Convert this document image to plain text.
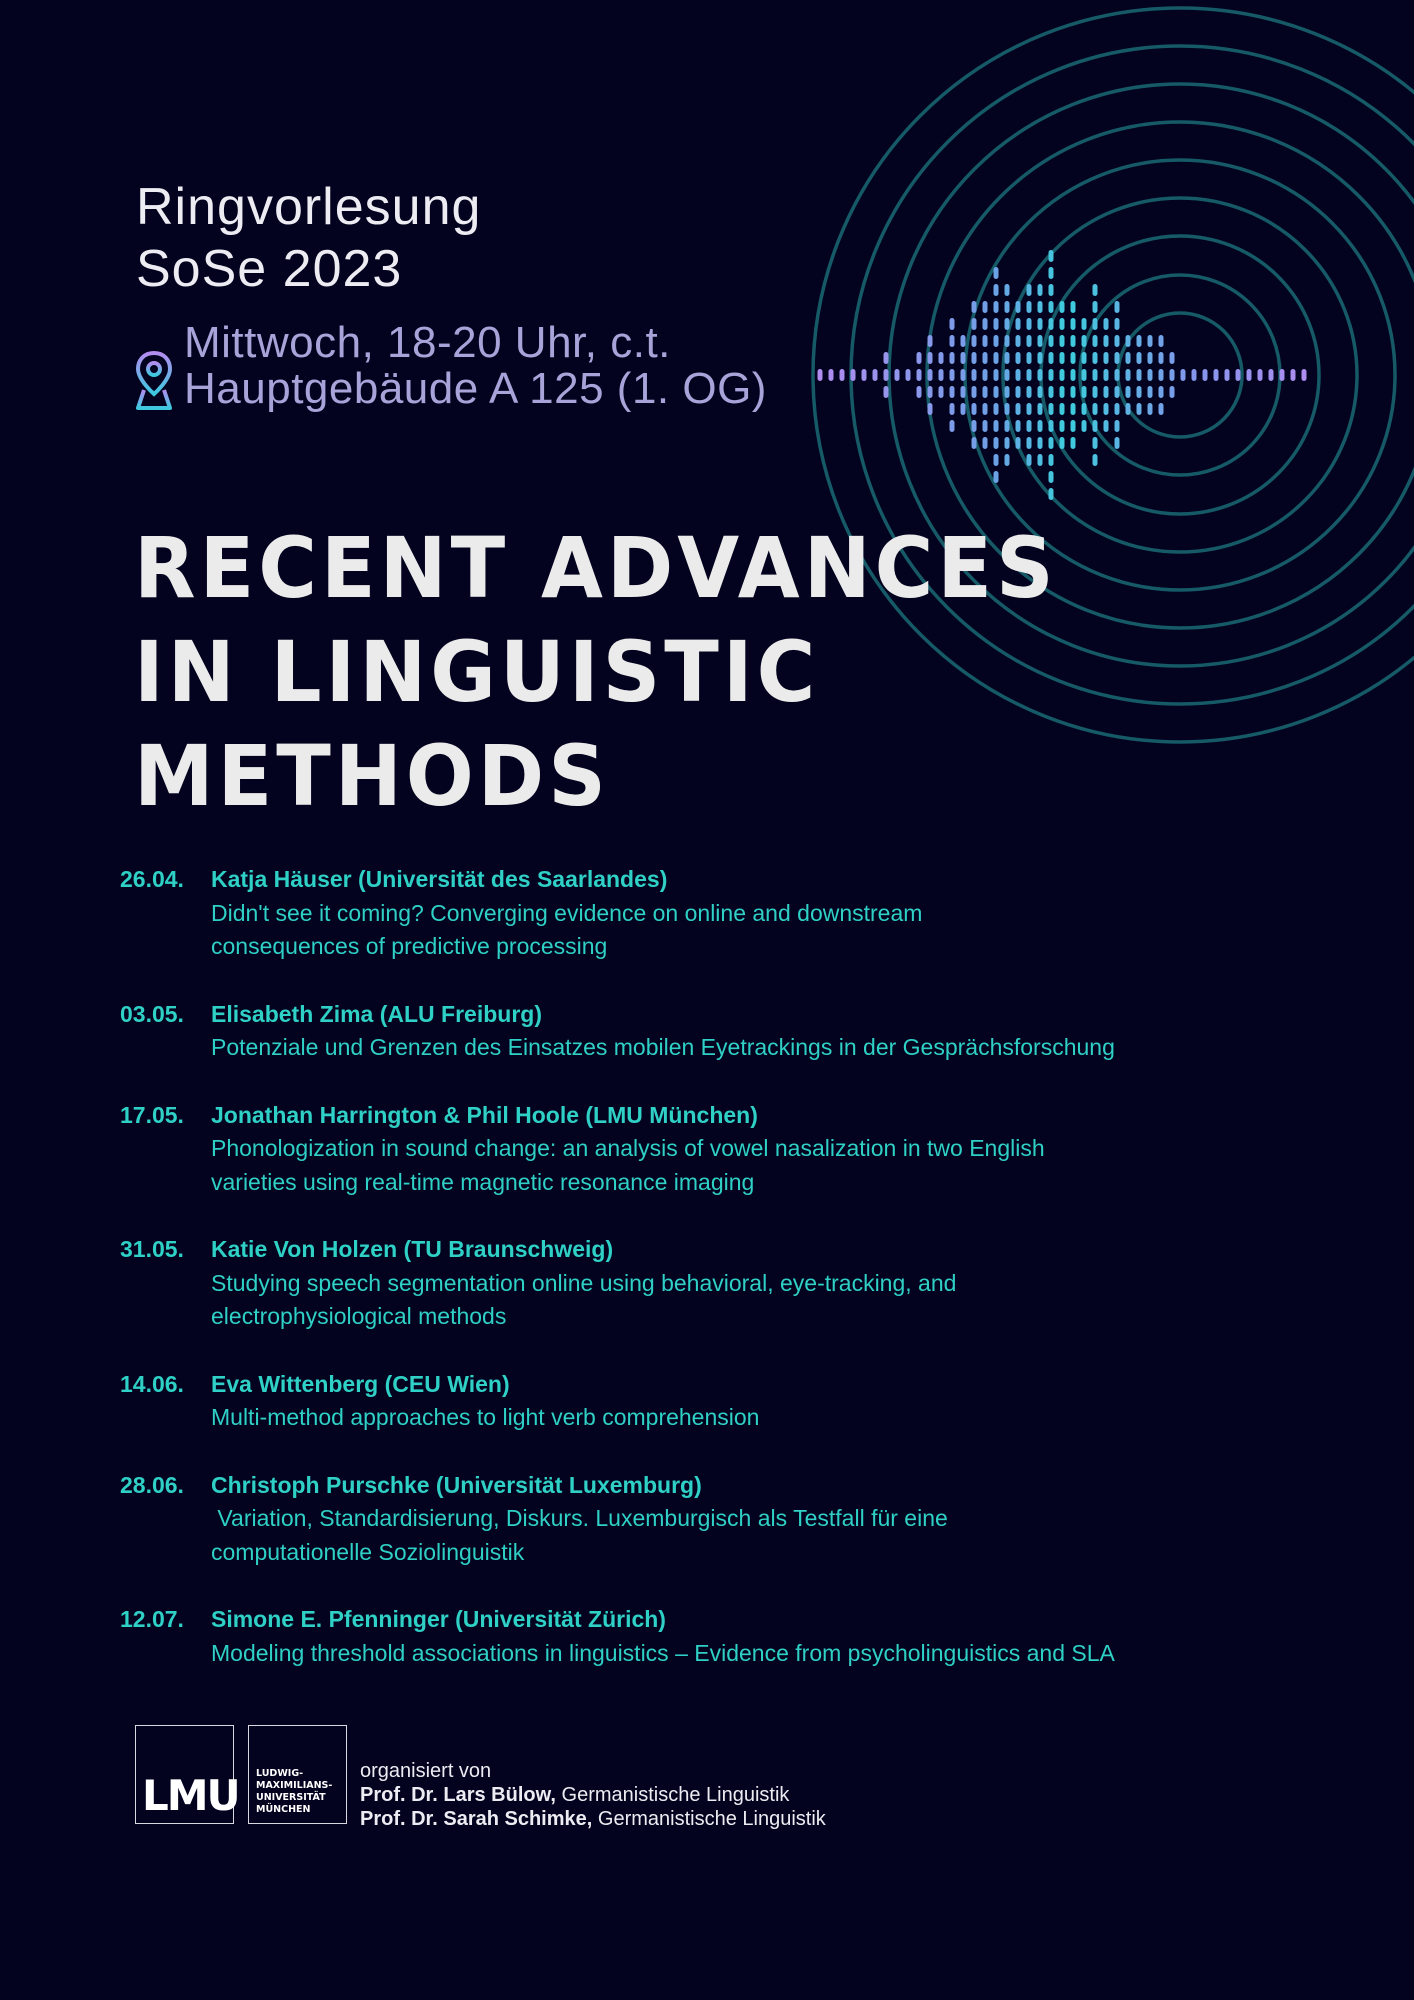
Ringvorlesung
SoSe 2023
Mittwoch, 18-20 Uhr, c.t.
Hauptgebäude A 125 (1. OG)
RECENT ADVANCES
IN LINGUISTIC
METHODS
26.04.	Katja Häuser (Universität des Saarlandes)
Didn't see it coming? Converging evidence on online and downstream
consequences of predictive processing
03.05.	Elisabeth Zima (ALU Freiburg)
Potenziale und Grenzen des Einsatzes mobilen Eyetrackings in der Gesprächsforschung
17.05.	Jonathan Harrington & Phil Hoole (LMU München)
Phonologization in sound change: an analysis of vowel nasalization in two English
varieties using real-time magnetic resonance imaging
31.05.	Katie Von Holzen (TU Braunschweig)
Studying speech segmentation online using behavioral, eye-tracking, and
electrophysiological methods
14.06.	Eva Wittenberg (CEU Wien)
Multi-method approaches to light verb comprehension
28.06.	Christoph Purschke (Universität Luxemburg)
Variation, Standardisierung, Diskurs. Luxemburgisch als Testfall für eine
computationelle Soziolinguistik
12.07.	Simone E. Pfenninger (Universität Zürich)
Modeling threshold associations in linguistics – Evidence from psycholinguistics and SLA
LMU LUDWIG-
MAXIMILIANS-
UNIVERSITÄT
MÜNCHEN
organisiert von
Prof. Dr. Lars Bülow, Germanistische Linguistik
Prof. Dr. Sarah Schimke, Germanistische Linguistik
